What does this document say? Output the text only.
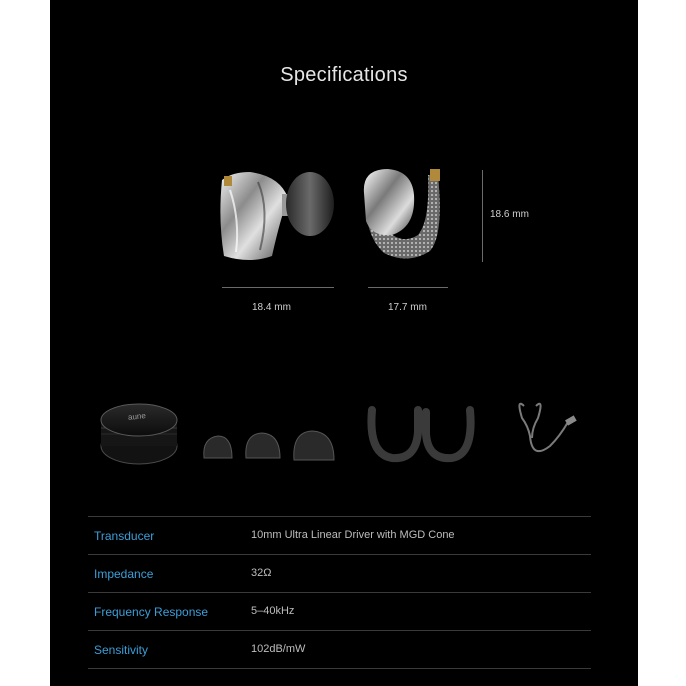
Specifications
18.6 mm
18.4 mm	17.7 mm
aune
Transducer	10mm Ultra Linear Driver with MGD Cone
Impedance	32Ω
Frequency Response	5–40kHz
Sensitivity	102dB/mW
